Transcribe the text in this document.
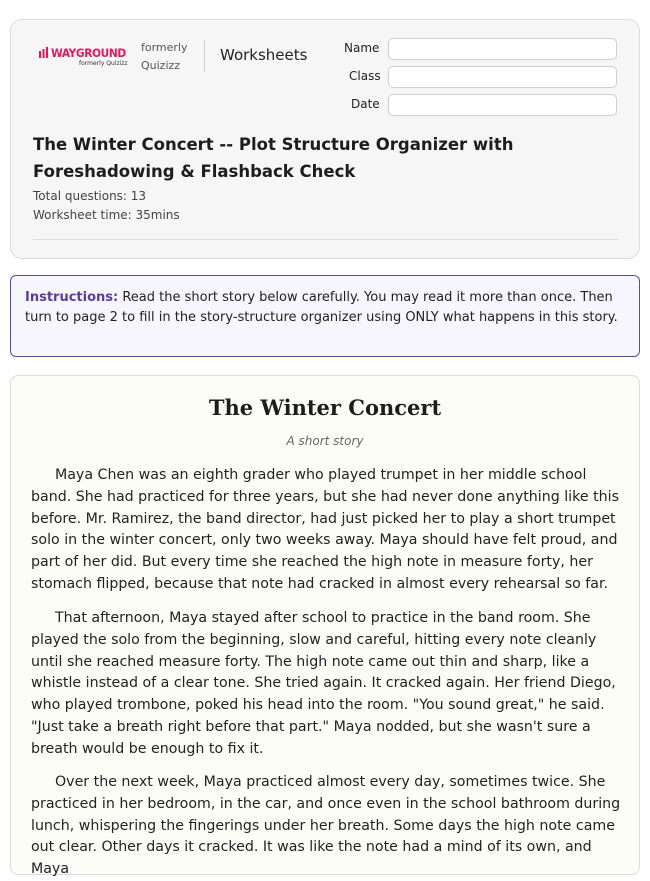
WAYGROUND
formerly Quizizz
formerly Quizizz
Worksheets	Name
Class
Date
The Winter Concert -- Plot Structure Organizer with Foreshadowing & Flashback Check
Total questions: 13
Worksheet time: 35mins
Instructions: Read the short story below carefully. You may read it more than once. Then turn to page 2 to fill in the story-structure organizer using ONLY what happens in this story.
The Winter Concert
A short story

Maya Chen was an eighth grader who played trumpet in her middle school band. She had practiced for three years, but she had never done anything like this before. Mr. Ramirez, the band director, had just picked her to play a short trumpet solo in the winter concert, only two weeks away. Maya should have felt proud, and part of her did. But every time she reached the high note in measure forty, her stomach flipped, because that note had cracked in almost every rehearsal so far.

That afternoon, Maya stayed after school to practice in the band room. She played the solo from the beginning, slow and careful, hitting every note cleanly until she reached measure forty. The high note came out thin and sharp, like a whistle instead of a clear tone. She tried again. It cracked again. Her friend Diego, who played trombone, poked his head into the room. "You sound great," he said. "Just take a breath right before that part." Maya nodded, but she wasn't sure a breath would be enough to fix it.

Over the next week, Maya practiced almost every day, sometimes twice. She practiced in her bedroom, in the car, and once even in the school bathroom during lunch, whispering the fingerings under her breath. Some days the high note came out clear. Other days it cracked. It was like the note had a mind of its own, and Maya
